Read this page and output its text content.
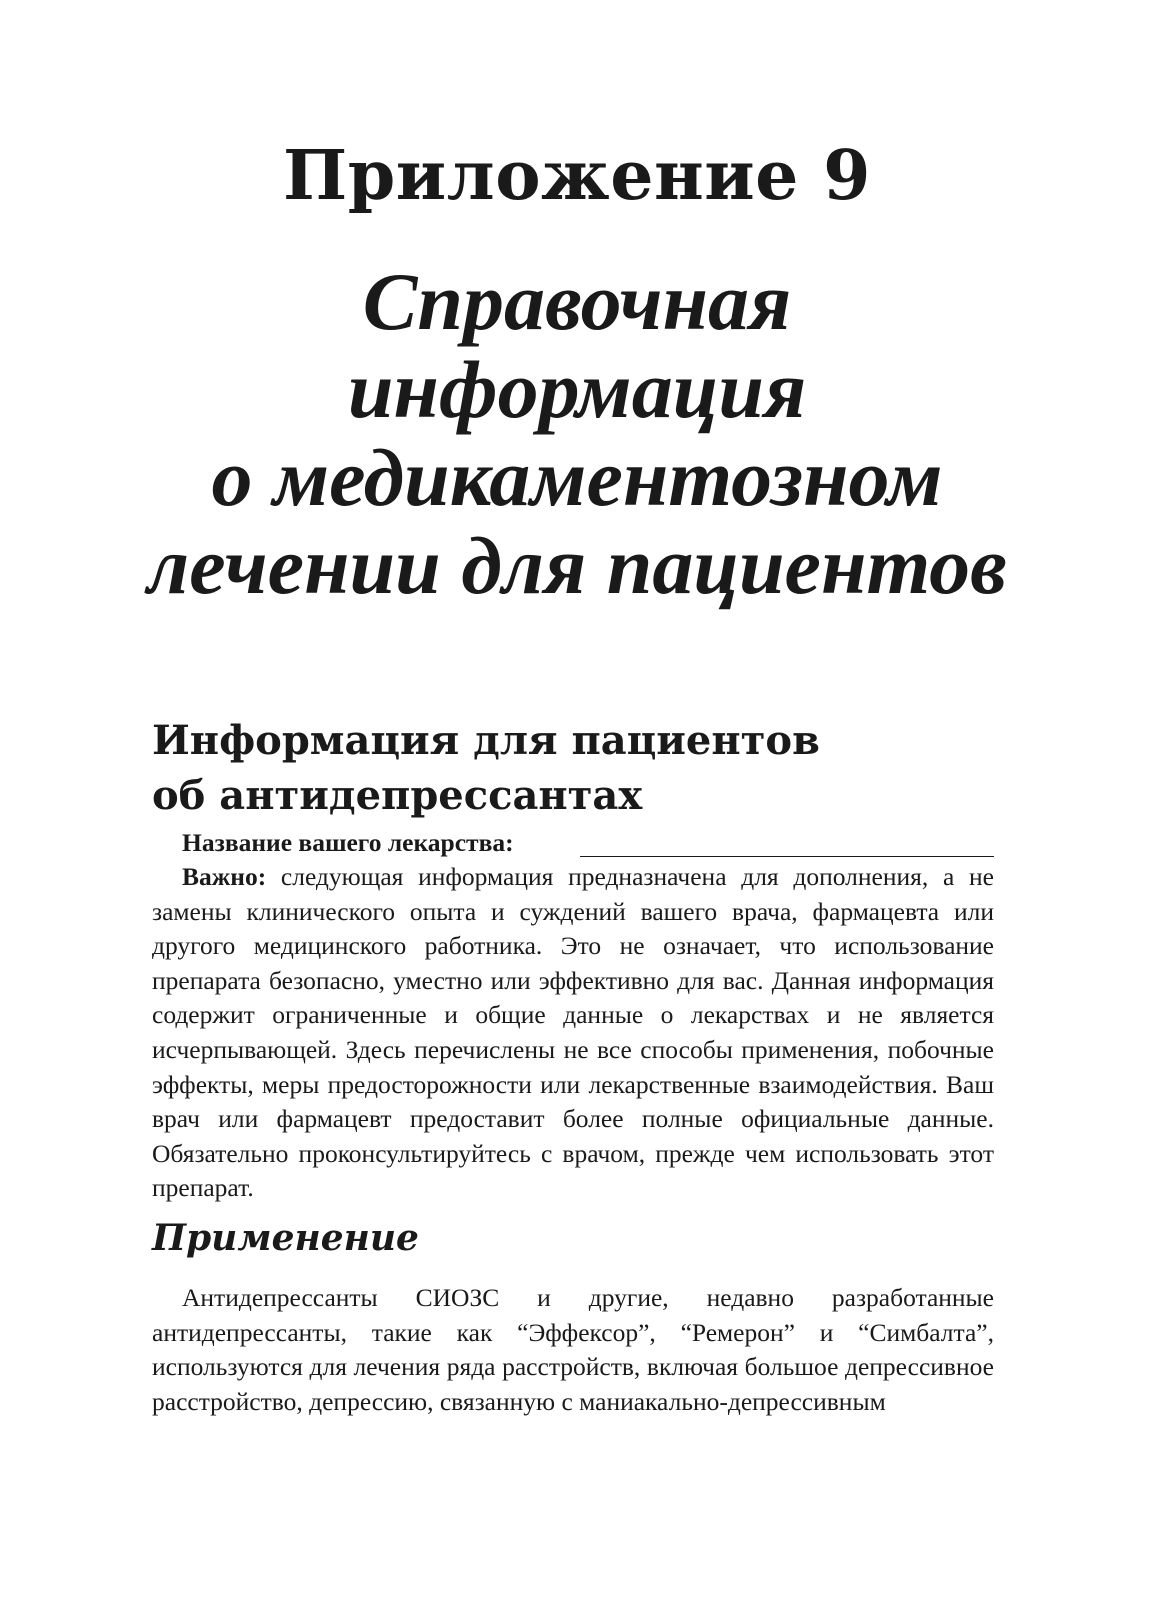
Приложение 9
Справочная
информация
о медикаментозном
лечении для пациентов
Информация для пациентов
об антидепрессантах
Название вашего лекарства:

Важно: следующая информация предназначена для дополнения, а не замены клинического опыта и суждений вашего врача, фармацевта или другого медицинского работника. Это не означает, что использование препарата безопасно, уместно или эффективно для вас. Данная информация содержит ограниченные и общие данные о лекарствах и не является исчерпывающей. Здесь перечислены не все способы применения, побочные эффекты, меры предосторожности или лекарственные взаимодействия. Ваш врач или фармацевт предоставит более полные официальные данные. Обязательно проконсультируйтесь с врачом, прежде чем использовать этот препарат.

Применение

Антидепрессанты СИОЗС и другие, недавно разработанные антидепрессанты, такие как “Эффексор”, “Ремерон” и “Симбалта”, используются для лечения ряда расстройств, включая большое депрессивное расстройство, депрессию, связанную с маниакально-депрессивным
